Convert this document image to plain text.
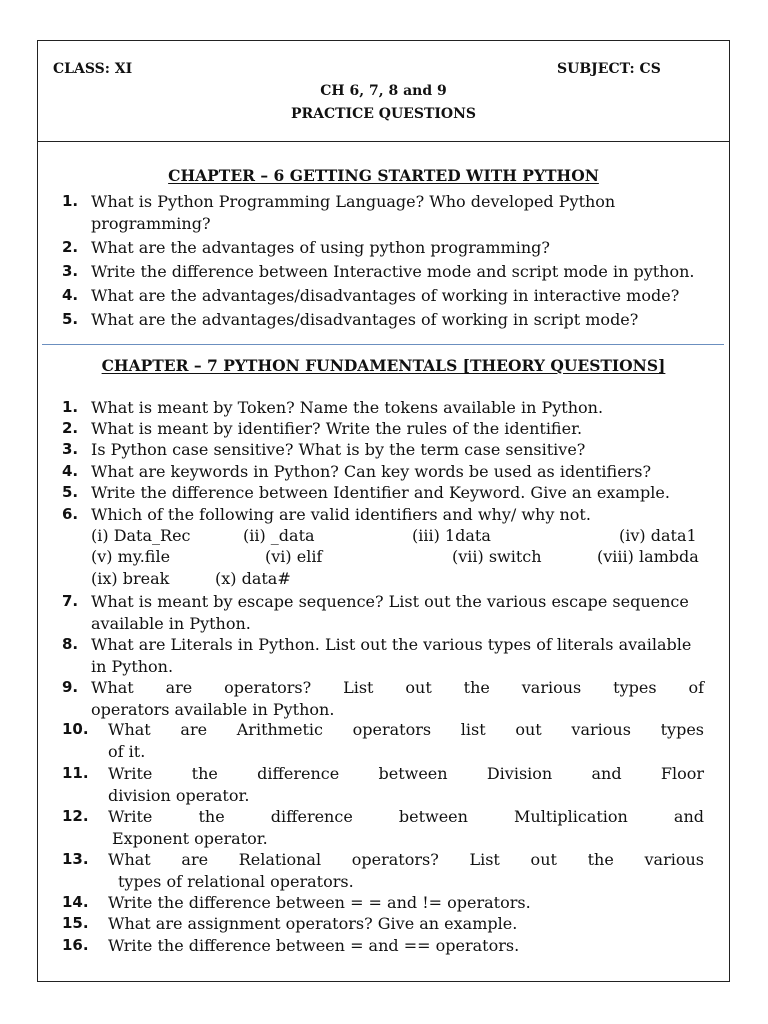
CLASS: XI	SUBJECT: CS
CH 6, 7, 8 and 9
PRACTICE QUESTIONS
CHAPTER – 6 GETTING STARTED WITH PYTHON
1. What is Python Programming Language? Who developed Python
programming?
2. What are the advantages of using python programming?
3. Write the difference between Interactive mode and script mode in python.
4. What are the advantages/disadvantages of working in interactive mode?
5. What are the advantages/disadvantages of working in script mode?
CHAPTER – 7 PYTHON FUNDAMENTALS [THEORY QUESTIONS]
1. What is meant by Token? Name the tokens available in Python.
2. What is meant by identifier? Write the rules of the identifier.
3. Is Python case sensitive? What is by the term case sensitive?
4. What are keywords in Python? Can key words be used as identifiers?
5. Write the difference between Identifier and Keyword. Give an example.
6. Which of the following are valid identifiers and why/ why not.
(i) Data_Rec	(ii) _data	(iii) 1data	(iv) data1
(v) my.file	(vi) elif	(vii) switch	(viii) lambda
(ix) break	(x) data#
7. What is meant by escape sequence? List out the various escape sequence
available in Python.
8. What are Literals in Python. List out the various types of literals available
in Python.
9. What are operators? List out the various types of
operators available in Python.
10. What are Arithmetic operators list out various types
of it.
11. Write the difference between Division and Floor
division operator.
12. Write the difference between Multiplication and
Exponent operator.
13. What are Relational operators? List out the various
types of relational operators.
14. Write the difference between = = and != operators.
15. What are assignment operators? Give an example.
16. Write the difference between = and == operators.
